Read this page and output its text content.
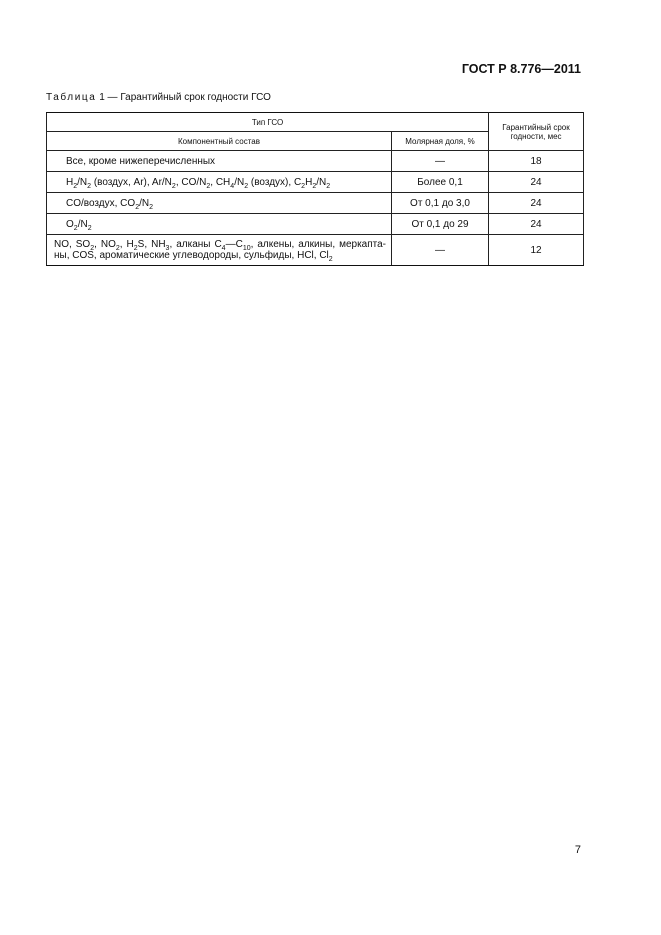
ГОСТ Р 8.776—2011
Таблица 1 — Гарантийный срок годности ГСО
Тип ГСО		Гарантийный срок годности, мес
Компонентный состав	Молярная доля, %	
Все, кроме нижеперечисленных	—	18
$H_2/N_2$ (воздух, Ar), $Ar/N_2$, $CO/N_2$, $CH_4/N_2$ (воздух), $C_2H_2/N_2$	Более 0,1	24
CO/воздух, $CO_2/N_2$	От 0,1 до 3,0	24
$O_2/N_2$	От 0,1 до 29	24
NO, $SO_2$, $NO_2$, $H_2S$, $NH_3$, алканы $C_4—C_{10}$, алкены, алкины, меркапта-ны, COS, ароматические углеводороды, сульфиды, HCl, $Cl_2$	—	12
7
